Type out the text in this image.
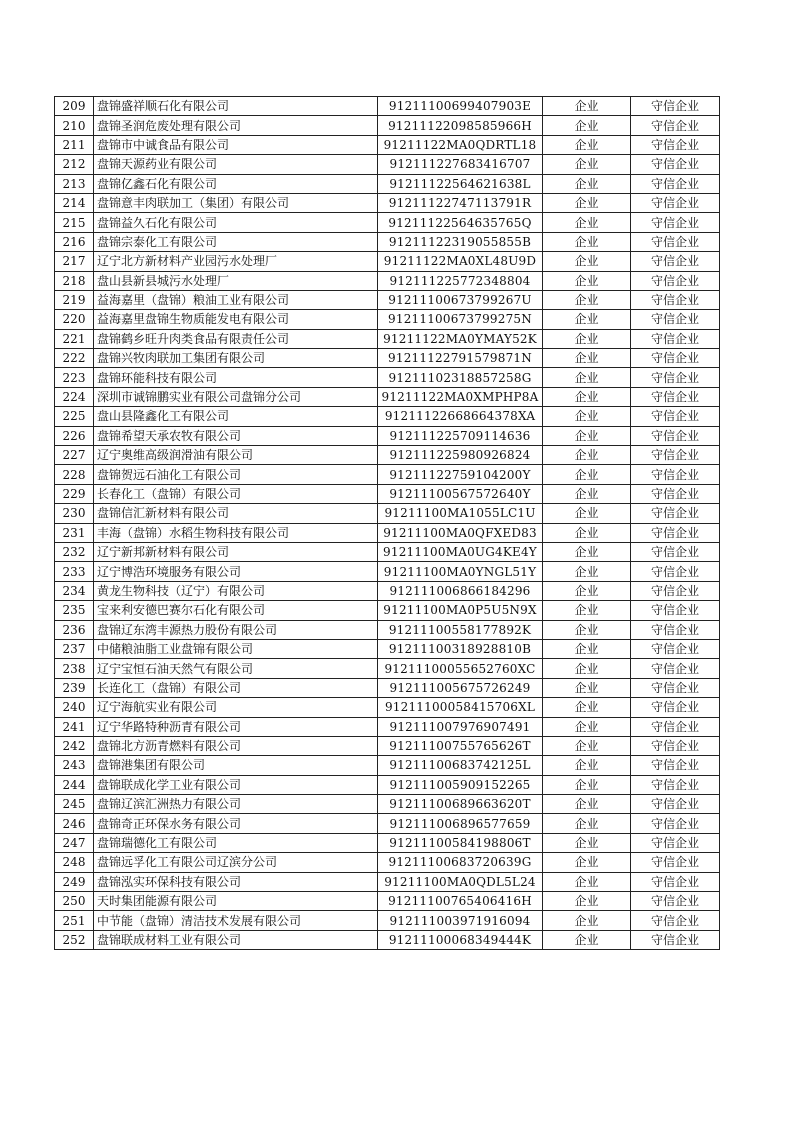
209	盘锦盛祥顺石化有限公司	91211100699407903E	企业	守信企业
210	盘锦圣润危废处理有限公司	91211122098585966H	企业	守信企业
211	盘锦市中诚食品有限公司	91211122MA0QDRTL18	企业	守信企业
212	盘锦天源药业有限公司	912111227683416707	企业	守信企业
213	盘锦亿鑫石化有限公司	91211122564621638L	企业	守信企业
214	盘锦意丰肉联加工（集团）有限公司	91211122747113791R	企业	守信企业
215	盘锦益久石化有限公司	91211122564635765Q	企业	守信企业
216	盘锦宗泰化工有限公司	91211122319055855B	企业	守信企业
217	辽宁北方新材料产业园污水处理厂	91211122MA0XL48U9D	企业	守信企业
218	盘山县新县城污水处理厂	912111225772348804	企业	守信企业
219	益海嘉里（盘锦）粮油工业有限公司	91211100673799267U	企业	守信企业
220	益海嘉里盘锦生物质能发电有限公司	91211100673799275N	企业	守信企业
221	盘锦鹤乡旺升肉类食品有限责任公司	91211122MA0YMAY52K	企业	守信企业
222	盘锦兴牧肉联加工集团有限公司	91211122791579871N	企业	守信企业
223	盘锦环能科技有限公司	91211102318857258G	企业	守信企业
224	深圳市诚锦鹏实业有限公司盘锦分公司	91211122MA0XMPHP8A	企业	守信企业
225	盘山县隆鑫化工有限公司	91211122668664378XA	企业	守信企业
226	盘锦希望天承农牧有限公司	912111225709114636	企业	守信企业
227	辽宁奥维高级润滑油有限公司	912111225980926824	企业	守信企业
228	盘锦贺远石油化工有限公司	91211122759104200Y	企业	守信企业
229	长春化工（盘锦）有限公司	91211100567572640Y	企业	守信企业
230	盘锦信汇新材料有限公司	91211100MA1055LC1U	企业	守信企业
231	丰海（盘锦）水稻生物科技有限公司	91211100MA0QFXED83	企业	守信企业
232	辽宁新邦新材料有限公司	91211100MA0UG4KE4Y	企业	守信企业
233	辽宁博浩环境服务有限公司	91211100MA0YNGL51Y	企业	守信企业
234	黄龙生物科技（辽宁）有限公司	912111006866184296	企业	守信企业
235	宝来利安德巴赛尔石化有限公司	91211100MA0P5U5N9X	企业	守信企业
236	盘锦辽东湾丰源热力股份有限公司	91211100558177892K	企业	守信企业
237	中储粮油脂工业盘锦有限公司	91211100318928810B	企业	守信企业
238	辽宁宝恒石油天然气有限公司	91211100055652760XC	企业	守信企业
239	长连化工（盘锦）有限公司	912111005675726249	企业	守信企业
240	辽宁海航实业有限公司	91211100058415706XL	企业	守信企业
241	辽宁华路特种沥青有限公司	912111007976907491	企业	守信企业
242	盘锦北方沥青燃料有限公司	91211100755765626T	企业	守信企业
243	盘锦港集团有限公司	91211100683742125L	企业	守信企业
244	盘锦联成化学工业有限公司	912111005909152265	企业	守信企业
245	盘锦辽滨汇洲热力有限公司	91211100689663620T	企业	守信企业
246	盘锦奇正环保水务有限公司	912111006896577659	企业	守信企业
247	盘锦瑞德化工有限公司	91211100584198806T	企业	守信企业
248	盘锦远孚化工有限公司辽滨分公司	91211100683720639G	企业	守信企业
249	盘锦泓实环保科技有限公司	91211100MA0QDL5L24	企业	守信企业
250	天时集团能源有限公司	91211100765406416H	企业	守信企业
251	中节能（盘锦）清洁技术发展有限公司	912111003971916094	企业	守信企业
252	盘锦联成材料工业有限公司	91211100068349444K	企业	守信企业
